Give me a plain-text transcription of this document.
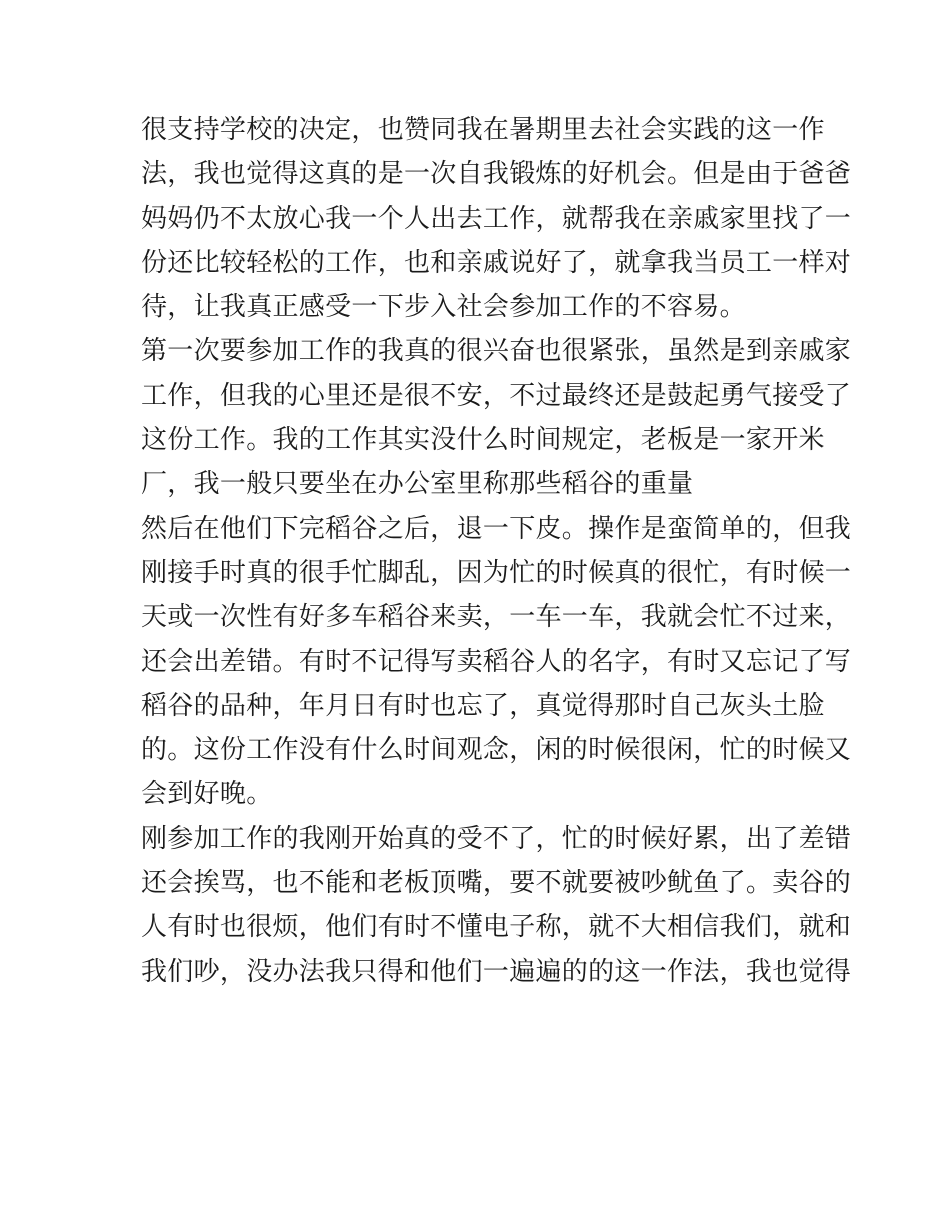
很支持学校的决定，也赞同我在暑期里去社会实践的这一作
法，我也觉得这真的是一次自我锻炼的好机会。但是由于爸爸
妈妈仍不太放心我一个人出去工作，就帮我在亲戚家里找了一
份还比较轻松的工作，也和亲戚说好了，就拿我当员工一样对
待，让我真正感受一下步入社会参加工作的不容易。
第一次要参加工作的我真的很兴奋也很紧张，虽然是到亲戚家
工作，但我的心里还是很不安，不过最终还是鼓起勇气接受了
这份工作。我的工作其实没什么时间规定，老板是一家开米
厂，我一般只要坐在办公室里称那些稻谷的重量
然后在他们下完稻谷之后，退一下皮。操作是蛮简单的，但我
刚接手时真的很手忙脚乱，因为忙的时候真的很忙，有时候一
天或一次性有好多车稻谷来卖，一车一车，我就会忙不过来，
还会出差错。有时不记得写卖稻谷人的名字，有时又忘记了写
稻谷的品种，年月日有时也忘了，真觉得那时自己灰头土脸
的。这份工作没有什么时间观念，闲的时候很闲，忙的时候又
会到好晚。
刚参加工作的我刚开始真的受不了，忙的时候好累，出了差错
还会挨骂，也不能和老板顶嘴，要不就要被吵鱿鱼了。卖谷的
人有时也很烦，他们有时不懂电子称，就不大相信我们，就和
我们吵，没办法我只得和他们一遍遍的的这一作法，我也觉得
